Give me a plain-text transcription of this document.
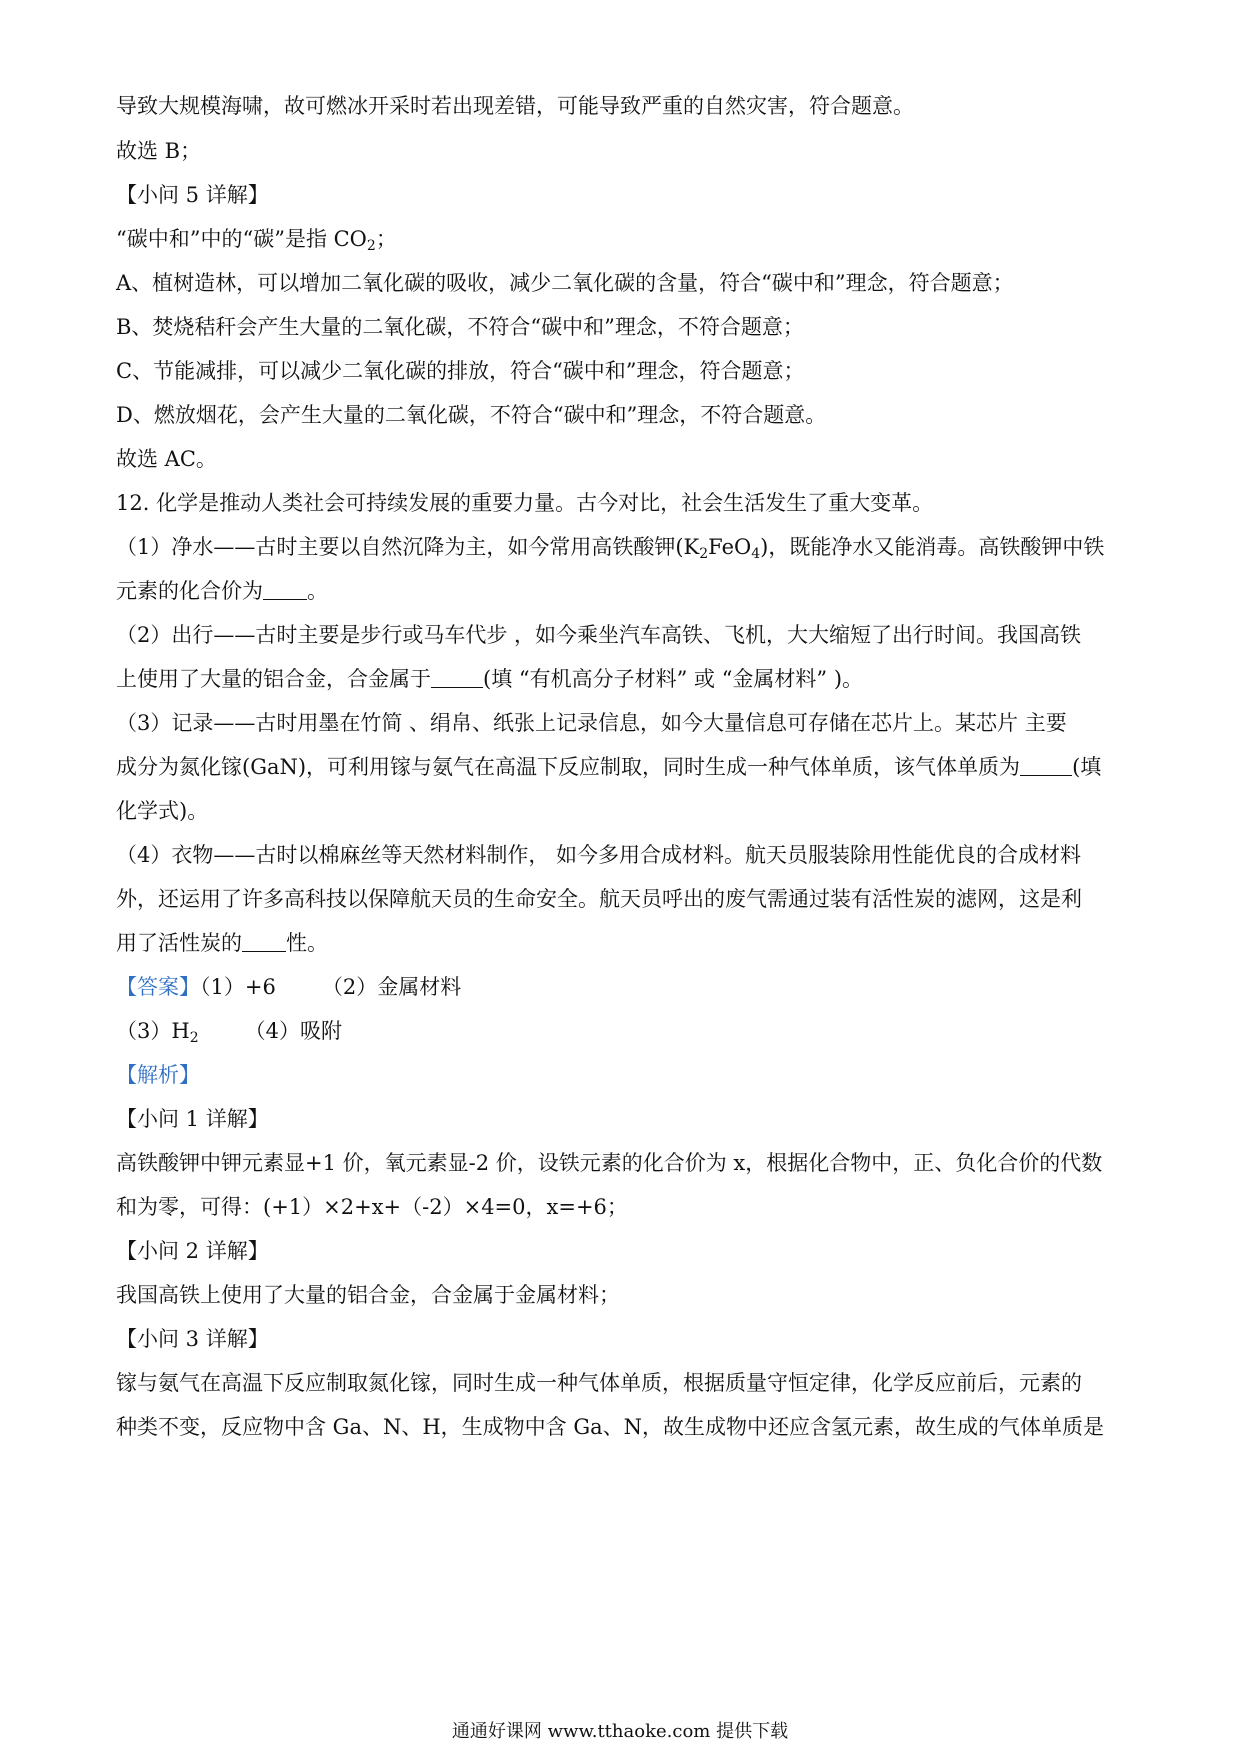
导致大规模海啸，故可燃冰开采时若出现差错，可能导致严重的自然灾害，符合题意。
故选 B；
【小问 5 详解】
“碳中和”中的“碳”是指 $CO_2$；
A、植树造林，可以增加二氧化碳的吸收，减少二氧化碳的含量，符合“碳中和”理念，符合题意；
B、焚烧秸秆会产生大量的二氧化碳，不符合“碳中和”理念，不符合题意；
C、节能减排，可以减少二氧化碳的排放，符合“碳中和”理念，符合题意；
D、燃放烟花，会产生大量的二氧化碳，不符合“碳中和”理念，不符合题意。
故选 AC。
12. 化学是推动人类社会可持续发展的重要力量。古今对比，社会生活发生了重大变革。
（1）净水——古时主要以自然沉降为主，如今常用高铁酸钾$(K_2FeO_4)$，既能净水又能消毒。高铁酸钾中铁
元素的化合价为 。
（2）出行——古时主要是步行或马车代步 ，如今乘坐汽车高铁、飞机，大大缩短了出行时间。我国高铁
上使用了大量的铝合金，合金属于 (填 “有机高分子材料” 或 “金属材料” )。
（3）记录——古时用墨在竹简 、绢帛、纸张上记录信息，如今大量信息可存储在芯片上。某芯片 主要
成分为氮化镓(GaN)，可利用镓与氨气在高温下反应制取，同时生成一种气体单质，该气体单质为 (填
化学式)。
（4）衣物——古时以棉麻丝等天然材料制作， 如今多用合成材料。航天员服装除用性能优良的合成材料
外，还运用了许多高科技以保障航天员的生命安全。航天员呼出的废气需通过装有活性炭的滤网，这是利
用了活性炭的 性。
【答案】（1）+6 （2）金属材料
$(3)H_2$ （4）吸附
【解析】
【小问 1 详解】
高铁酸钾中钾元素显+1 价，氧元素显-2 价，设铁元素的化合价为 x，根据化合物中，正、负化合价的代数
和为零，可得：(+1）×2+x+（-2）×4=0，x=+6；
【小问 2 详解】
我国高铁上使用了大量的铝合金，合金属于金属材料；
【小问 3 详解】
镓与氨气在高温下反应制取氮化镓，同时生成一种气体单质，根据质量守恒定律，化学反应前后，元素的
种类不变，反应物中含 Ga、N、H，生成物中含 Ga、N，故生成物中还应含氢元素，故生成的气体单质是
通通好课网 www.tthaoke.com 提供下载
